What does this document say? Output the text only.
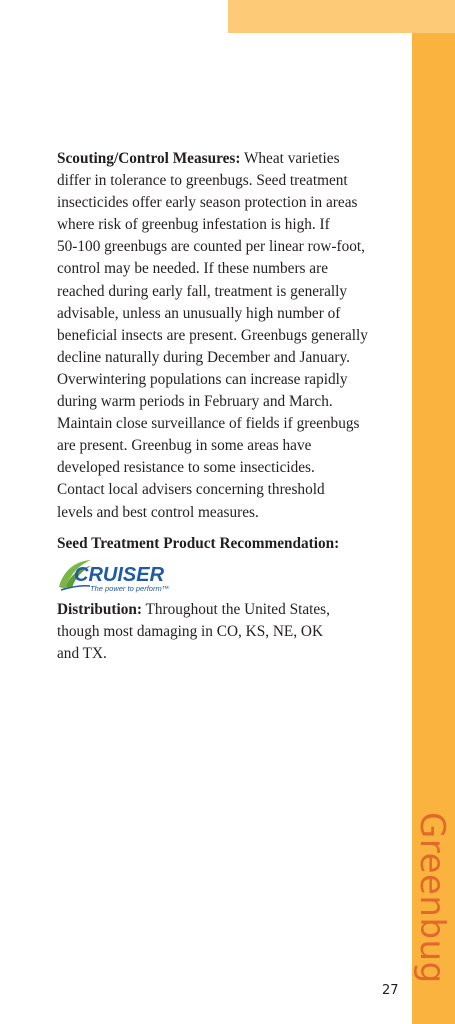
Greenbug
27

Scouting/Control Measures: Wheat varieties
differ in tolerance to greenbugs. Seed treatment
insecticides offer early season protection in areas
where risk of greenbug infestation is high. If
50-100 greenbugs are counted per linear row-foot,
control may be needed. If these numbers are
reached during early fall, treatment is generally
advisable, unless an unusually high number of
beneficial insects are present. Greenbugs generally
decline naturally during December and January.
Overwintering populations can increase rapidly
during warm periods in February and March.
Maintain close surveillance of fields if greenbugs
are present. Greenbug in some areas have
developed resistance to some insecticides.
Contact local advisers concerning threshold
levels and best control measures.

Seed Treatment Product Recommendation:

CRUISER
The power to perform™

Distribution: Throughout the United States,
though most damaging in CO, KS, NE, OK
and TX.
